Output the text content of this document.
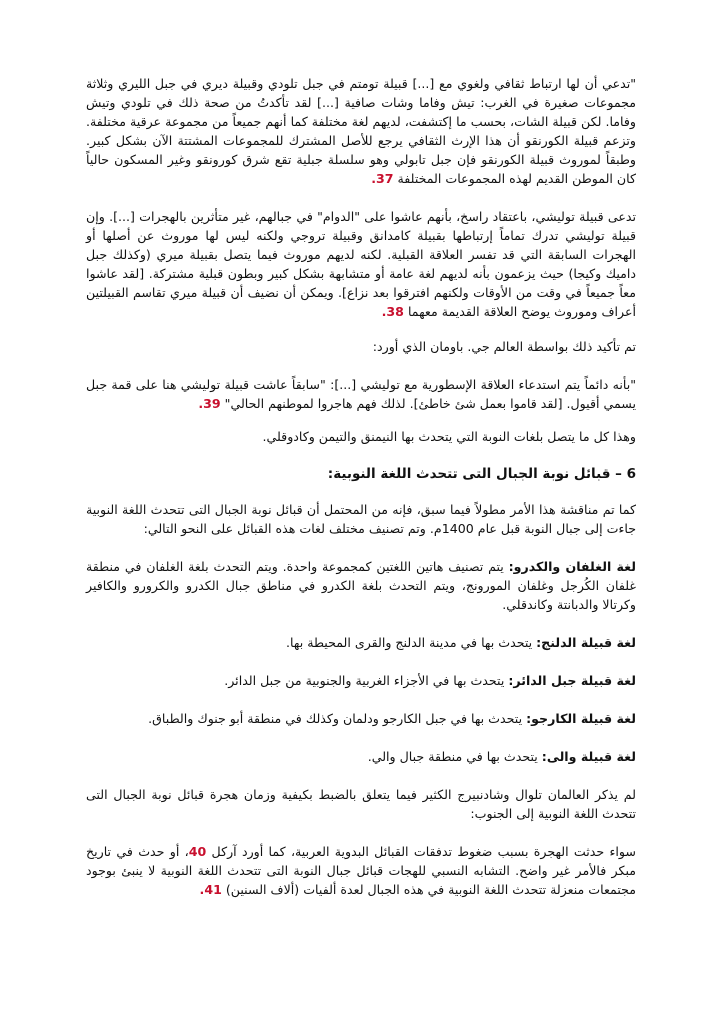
"تدعي أن لها ارتباط ثقافي ولغوي مع [...] قبيلة تومتم في جبل تلودي وقبيلة ديري في جبل الليري وثلاثة مجموعات صغيرة في الغرب: تيش وفاما وشات صافية [...] لقد تأكدتُ من صحة ذلك في تلودي وتيش وفاما. لكن قبيلة الشات، بحسب ما إكتشفت، لديهم لغة مختلفة كما أنهم جميعاً من مجموعة عرقية مختلفة. وتزعم قبيلة الكورنقو أن هذا الإرث الثقافي يرجع للأصل المشترك للمجموعات المشتتة الآن بشكل كبير. وطبقاً لموروث قبيلة الكورنقو فإن جبل تابولي وهو سلسلة جبلية تقع شرق كورونقو وغير المسكون حالياً كان الموطن القديم لهذه المجموعات المختلفة 37.

تدعى قبيلة توليشي، باعتقاد راسخ، بأنهم عاشوا على "الدوام" في جبالهم، غير متأثرين بالهجرات [...]. وإن قبيلة توليشي تدرك تماماً إرتباطها بقبيلة كامدانق وقبيلة تروجي ولكنه ليس لها موروث عن أصلها أو الهجرات السابقة التي قد تفسر العلاقة القبلية. لكنه لديهم موروث فيما يتصل بقبيلة ميري (وكذلك جبل داميك وكيجا) حيث يزعمون بأنه لديهم لغة عامة أو متشابهة بشكل كبير وبطون قبلية مشتركة. [لقد عاشوا معاً جميعاً في وقت من الأوقات ولكنهم افترقوا بعد نزاع]. ويمكن أن نضيف أن قبيلة ميري تقاسم القبيلتين أعراف وموروث يوضح العلاقة القديمة معهما 38.

تم تأكيد ذلك بواسطة العالم جي. باومان الذي أورد:

"بأنه دائماً يتم استدعاء العلاقة الإسطورية مع توليشي [...]: "سابقاً عاشت قبيلة توليشي هنا على قمة جبل يسمي أقيول. [لقد قاموا بعمل شئ خاطئ]. لذلك فهم هاجروا لموطنهم الحالي" 39.

وهذا كل ما يتصل بلغات النوبة التي يتحدث بها النيمنق والتيمن وكادوقلي.

6 – قبائل نوبة الجبال التى تتحدث اللغة النوبية:

كما تم مناقشة هذا الأمر مطولاً فيما سبق، فإنه من المحتمل أن قبائل نوبة الجبال التى تتحدث اللغة النوبية جاءت إلى جبال النوبة قبل عام 1400م. وتم تصنيف مختلف لغات هذه القبائل على النحو التالي:

لغة الغلفان والكدرو: يتم تصنيف هاتين اللغتين كمجموعة واحدة. ويتم التحدث بلغة الغلفان في منطقة غلفان الكُرجل وغلفان المورونج، ويتم التحدث بلغة الكدرو في مناطق جبال الكدرو والكرورو والكافير وكرتالا والدبانتة وكاندقلي.

لغة قبيلة الدلنج: يتحدث بها في مدينة الدلنج والقرى المحيطة بها.

لغة قبيلة جبل الدائر: يتحدث بها في الأجزاء الغربية والجنوبية من جبل الدائر.

لغة قبيلة الكارجو: يتحدث بها في جبل الكارجو ودلمان وكذلك في منطقة أبو جنوك والطباق.

لغة قبيلة والى: يتحدث بها في منطقة جبال والي.

لم يذكر العالمان تلوال وشادنبيرج الكثير فيما يتعلق بالضبط بكيفية وزمان هجرة قبائل نوبة الجبال التى تتحدث اللغة النوبية إلى الجنوب:

سواء حدثت الهجرة بسبب ضغوط تدفقات القبائل البدوية العربية، كما أورد آركل 40، أو حدث في تاريخ مبكر فالأمر غير واضح. التشابه النسبي للهجات قبائل جبال النوبة التى تتحدث اللغة النوبية لا ينبئ بوجود مجتمعات منعزلة تتحدث اللغة النوبية في هذه الجبال لعدة ألفيات (ألاف السنين) 41.
